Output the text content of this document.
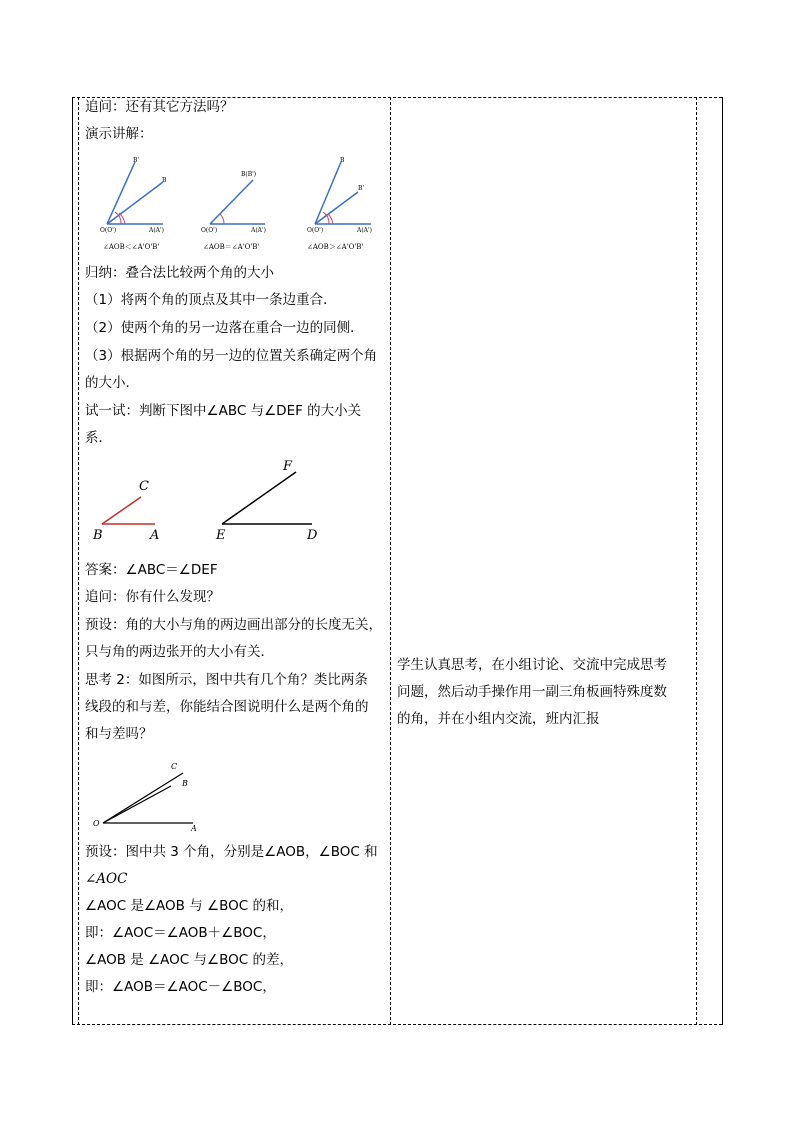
追问：还有其它方法吗？
演示讲解：
B'
B
O(O')	A(A')
∠AOB＜∠A'O'B'
B(B')
O(O')	A(A')
∠AOB＝∠A'O'B'
B
B'
O(O')	A(A')
∠AOB＞∠A'O'B'
归纳：叠合法比较两个角的大小
（1）将两个角的顶点及其中一条边重合．
（2）使两个角的另一边落在重合一边的同侧．
（3）根据两个角的另一边的位置关系确定两个角
的大小．
试一试：判断下图中∠ABC 与∠DEF 的大小关
系．
C
B	A
F
E	D
答案：∠ABC＝∠DEF
追问：你有什么发现？
预设：角的大小与角的两边画出部分的长度无关，
只与角的两边张开的大小有关．
思考 2：如图所示，图中共有几个角？类比两条
线段的和与差，你能结合图说明什么是两个角的
和与差吗？
C
B
O
A
预设：图中共 3 个角，分别是∠AOB，∠BOC 和
∠AOC
∠AOC 是∠AOB 与 ∠BOC 的和，
即：∠AOC＝∠AOB＋∠BOC，
∠AOB 是 ∠AOC 与∠BOC 的差，
即：∠AOB＝∠AOC－∠BOC，
学生认真思考，在小组讨论、交流中完成思考
问题，然后动手操作用一副三角板画特殊度数
的角，并在小组内交流，班内汇报
